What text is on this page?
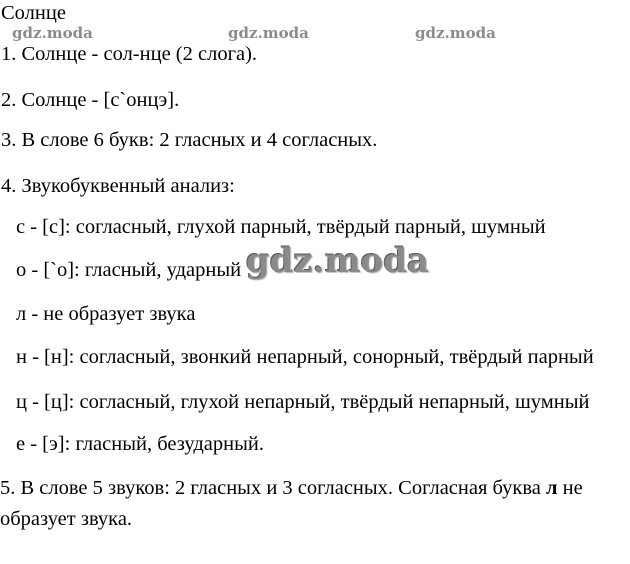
Солнце
gdz.moda	gdz.moda	gdz.moda
1. Солнце - сол-нце (2 слога).
2. Солнце - [с`онцэ].
3. В слове 6 букв: 2 гласных и 4 согласных.
4. Звукобуквенный анализ:
с - [с]: согласный, глухой парный, твёрдый парный, шумный
о - [`о]: гласный, ударный
л - не образует звука
н - [н]: согласный, звонкий непарный, сонорный, твёрдый парный
ц - [ц]: согласный, глухой непарный, твёрдый непарный, шумный
е - [э]: гласный, безударный.
5. В слове 5 звуков: 2 гласных и 3 согласных. Согласная буква л не
образует звука.
gdz.moda
